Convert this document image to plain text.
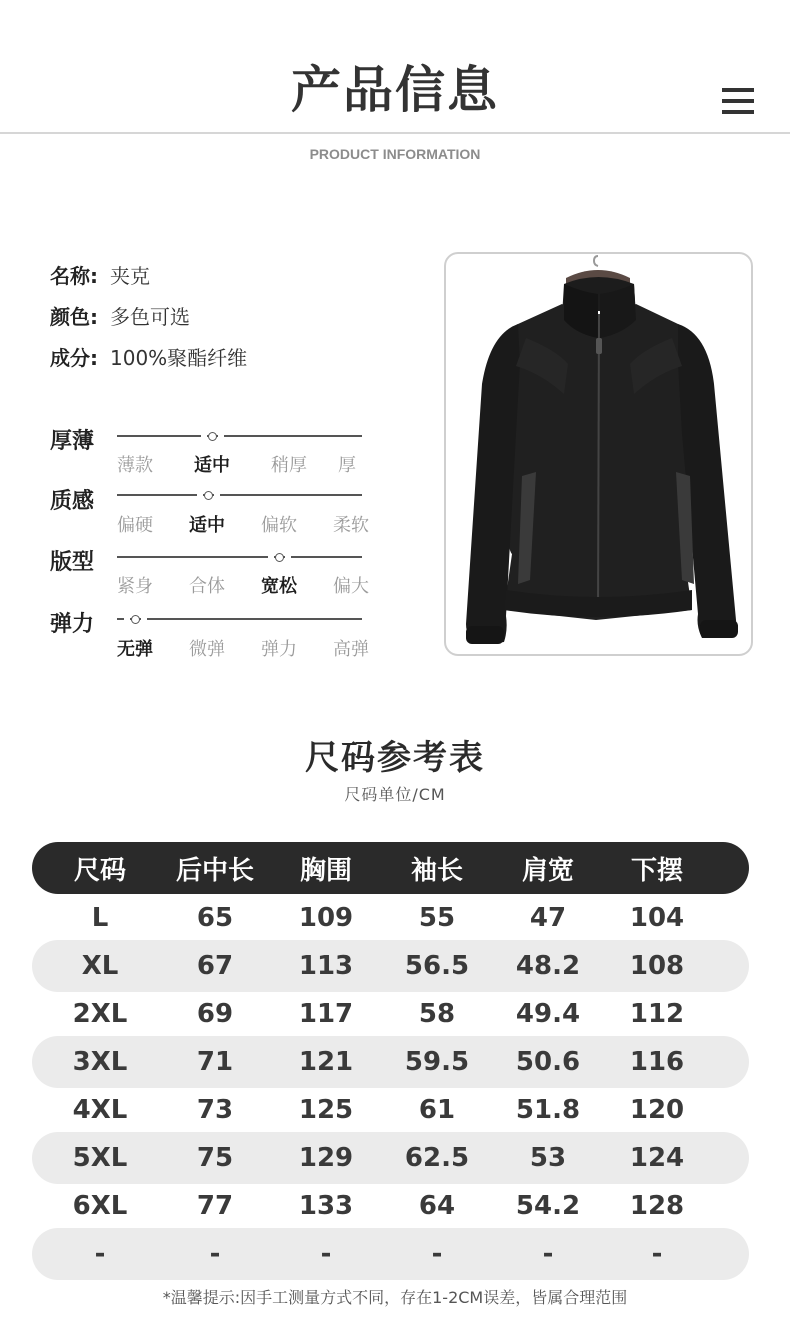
产品信息
PRODUCT INFORMATION
名称: 夹克
颜色: 多色可选
成分: 100%聚酯纤维
厚薄
薄款	适中	稍厚	厚
质感
偏硬	适中	偏软	柔软
版型
紧身	合体	宽松	偏大
弹力
无弹	微弹	弹力	高弹
尺码参考表
尺码单位/CM
尺码	后中长	胸围	袖长	肩宽	下摆
L	65	109	55	47	104
XL	67	113	56.5	48.2	108
2XL	69	117	58	49.4	112
3XL	71	121	59.5	50.6	116
4XL	73	125	61	51.8	120
5XL	75	129	62.5	53	124
6XL	77	133	64	54.2	128
-	-	-	-	-	-
*温馨提示:因手工测量方式不同，存在1-2CM误差，皆属合理范围
